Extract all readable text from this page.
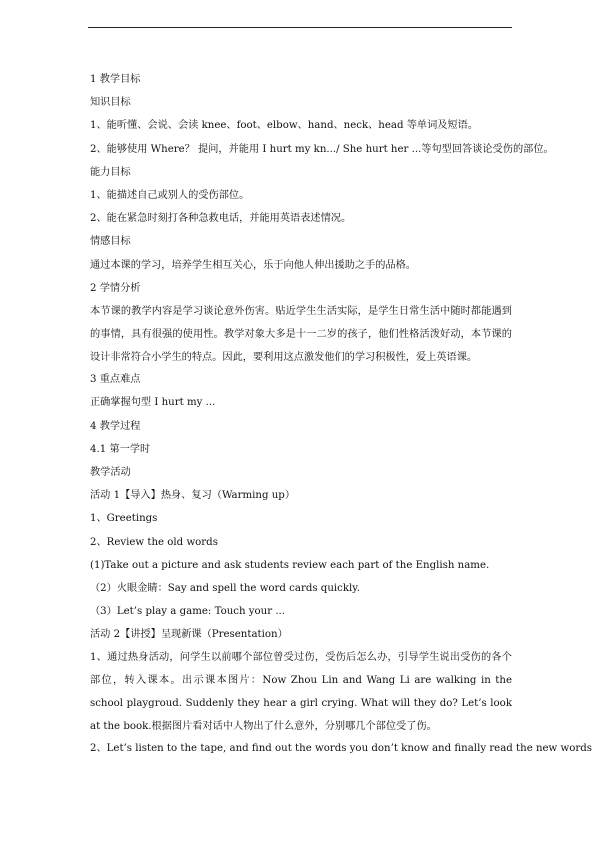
1 教学目标

知识目标

1、能听懂、会说、会读 knee、foot、elbow、hand、neck、head 等单词及短语。

2、能够使用 Where？ 提问，并能用 I hurt my kn.../ She hurt her ...等句型回答谈论受伤的部位。

能力目标

1、能描述自己或别人的受伤部位。

2、能在紧急时刻打各种急救电话，并能用英语表述情况。

情感目标

通过本课的学习，培养学生相互关心，乐于向他人伸出援助之手的品格。

2 学情分析

本节课的教学内容是学习谈论意外伤害。贴近学生生活实际，是学生日常生活中随时都能遇到的事情，具有很强的使用性。教学对象大多是十一二岁的孩子，他们性格活泼好动，本节课的设计非常符合小学生的特点。因此，要利用这点激发他们的学习积极性，爱上英语课。

3 重点难点

正确掌握句型 I hurt my ...

4 教学过程

4.1 第一学时

教学活动

活动 1【导入】热身、复习（Warming up）

1、Greetings

2、Review the old words

(1)Take out a picture and ask students review each part of the English name.

（2）火眼金睛：Say and spell the word cards quickly.

（3）Let’s play a game: Touch your ...

活动 2【讲授】呈现新课（Presentation）

1、通过热身活动，问学生以前哪个部位曾受过伤，受伤后怎么办，引导学生说出受伤的各个部位，转入课本。出示课本图片：Now Zhou Lin and Wang Li are walking in the school playgroud. Suddenly they hear a girl crying. What will they do? Let’s look at the book.根据图片看对话中人物出了什么意外，分别哪几个部位受了伤。

2、Let’s listen to the tape, and find out the words you don’t know and finally read the new words
